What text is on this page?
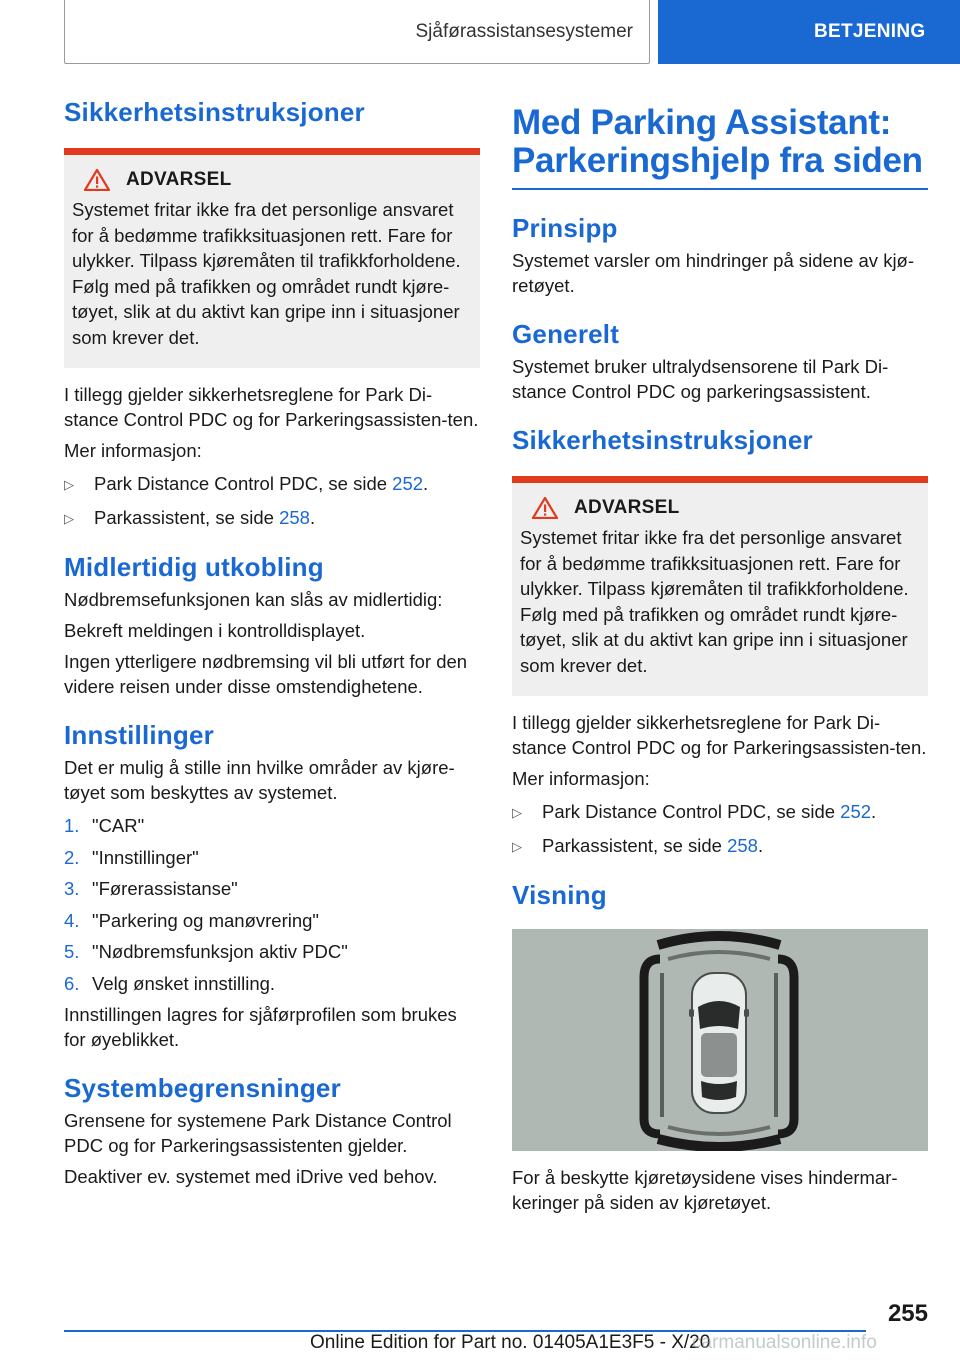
Sjåførassistansesystemer	BETJENING
Sikkerhetsinstruksjoner
ADVARSEL
Systemet fritar ikke fra det personlige ansvaret for å bedømme trafikksituasjonen rett. Fare for ulykker. Tilpass kjøremåten til trafikkforholdene. Følg med på trafikken og området rundt kjøre-tøyet, slik at du aktivt kan gripe inn i situasjoner som krever det.
I tillegg gjelder sikkerhetsreglene for Park Di-stance Control PDC og for Parkeringsassisten-ten.
Mer informasjon:
▷	Park Distance Control PDC, se side 252.
▷	Parkassistent, se side 258.
Midlertidig utkobling
Nødbremsefunksjonen kan slås av midlertidig:
Bekreft meldingen i kontrolldisplayet.
Ingen ytterligere nødbremsing vil bli utført for den videre reisen under disse omstendighetene.
Innstillinger
Det er mulig å stille inn hvilke områder av kjøre-tøyet som beskyttes av systemet.
1. "CAR"
2. "Innstillinger"
3. "Førerassistanse"
4. "Parkering og manøvrering"
5. "Nødbremsfunksjon aktiv PDC"
6. Velg ønsket innstilling.
Innstillingen lagres for sjåførprofilen som brukes for øyeblikket.
Systembegrensninger
Grensene for systemene Park Distance Control PDC og for Parkeringsassistenten gjelder.
Deaktiver ev. systemet med iDrive ved behov.
Med Parking Assistant: Parkeringshjelp fra siden
Prinsipp
Systemet varsler om hindringer på sidene av kjø-retøyet.
Generelt
Systemet bruker ultralydsensorene til Park Di-stance Control PDC og parkeringsassistent.
Sikkerhetsinstruksjoner
ADVARSEL
Systemet fritar ikke fra det personlige ansvaret for å bedømme trafikksituasjonen rett. Fare for ulykker. Tilpass kjøremåten til trafikkforholdene. Følg med på trafikken og området rundt kjøre-tøyet, slik at du aktivt kan gripe inn i situasjoner som krever det.
I tillegg gjelder sikkerhetsreglene for Park Di-stance Control PDC og for Parkeringsassisten-ten.
Mer informasjon:
▷	Park Distance Control PDC, se side 252.
▷	Parkassistent, se side 258.
Visning
For å beskytte kjøretøysidene vises hindermar-keringer på siden av kjøretøyet.
255
Online Edition for Part no. 01405A1E3F5 - X/20
carmanualsonline.info
